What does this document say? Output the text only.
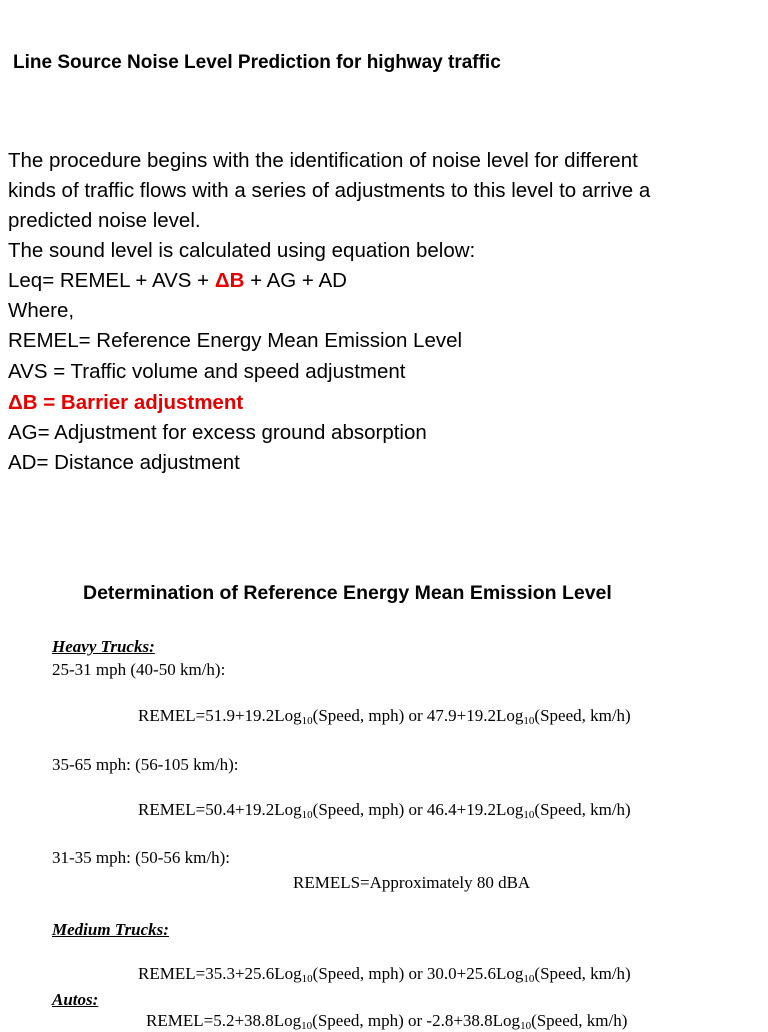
Line Source Noise Level Prediction for highway traffic
The procedure begins with the identification of noise level for different
kinds of traffic flows with a series of adjustments to this level to arrive a
predicted noise level.
The sound level is calculated using equation below:
Leq= REMEL + AVS + ΔB + AG + AD
Where,
REMEL= Reference Energy Mean Emission Level
AVS = Traffic volume and speed adjustment
ΔB = Barrier adjustment
AG= Adjustment for excess ground absorption
AD= Distance adjustment
Determination of Reference Energy Mean Emission Level
Heavy Trucks:
25-31 mph (40-50 km/h):
REMEL=51.9+19.2Log$_{10}$(Speed, mph) or 47.9+19.2Log$_{10}$(Speed, km/h)
35-65 mph: (56-105 km/h):
REMEL=50.4+19.2Log$_{10}$(Speed, mph) or 46.4+19.2Log$_{10}$(Speed, km/h)
31-35 mph: (50-56 km/h):
REMELS=Approximately 80 dBA
Medium Trucks:
REMEL=35.3+25.6Log$_{10}$(Speed, mph) or 30.0+25.6Log$_{10}$(Speed, km/h)
Autos:
REMEL=5.2+38.8Log$_{10}$(Speed, mph) or -2.8+38.8Log$_{10}$(Speed, km/h)
